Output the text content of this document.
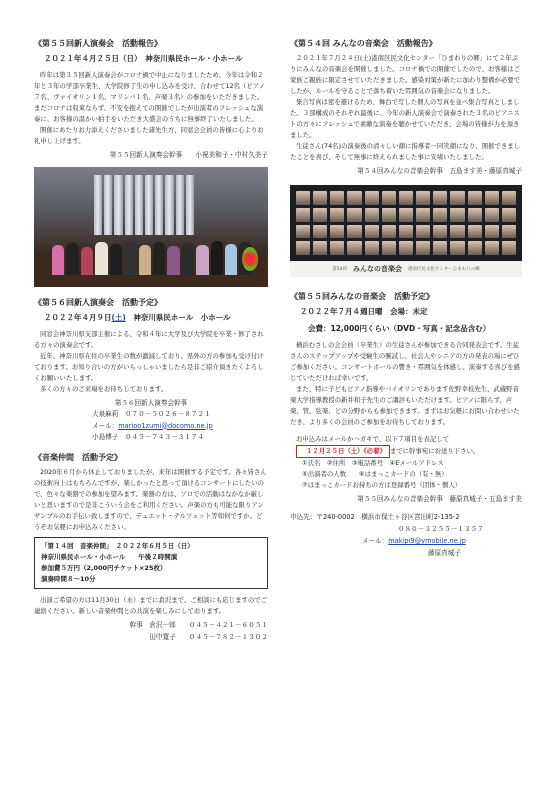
《第５５回新人演奏会　活動報告》
２０２１年４月２５日（日）　神奈川県民ホール・小ホール

昨年は第３５回新人演奏会がコロナ禍で中止になりましたため、今年は令和２年と３年の学部卒業生、大学院修了生の申し込みを受け、合わせて12名（ピアノ７名、ヴァイオリン１名、マリンバ１名、声楽３名）の参加をいただきました。まだコロナは収束ならず、不安を抱えての開催でしたが出演者のフレッシュな演奏に、お客様の温かい拍手をいただき大盛会のうちに無事終了いたしました。

開催にあたりお力添えくださいました諸先生方、同窓会会員の皆様に心よりお礼申し上げます。

第５５回新人演奏会幹事　　小祝美和子・中村久美子
《第５６回新人演奏会　活動予定》
２０２２年４月９日(土)　神奈川県民ホール　小ホール

同窓会神奈川県支部主催による、令和４年に大学及び大学院を卒業・修了される方々の演奏会です。

近年、神奈川県在住の卒業生の数が激減しており、県外の方の参加も受け付けております。お知り合いの方がいらっしゃいましたら是非ご紹介頂きたくよろしくお願いいたします。

多くの方々のご来場をお待ちしております。

第５６回新人演奏会幹事
大泉麻莉　 ０７０－５０２６－８７２１
メール：marioo1zumi@docomo.ne.jp
小島博子　 ０４５－７４３－３１７４
《音楽仲間　活動予定》

2020年６月から休止しておりましたが、来年は開催する予定です。各々皆さんの技術向上はもちろんですが、楽しかったと思って頂けるコンサートにしたいので、色々な楽器での参加を望みます。楽器の方は、ソロでの活動はなかなか厳しいと思いますので是非こういう会をご利用ください。声楽の方も可能な限りアンサンブルのお手伝い致しますので、デュエット・テルツェット等如何ですか。どうぞお気軽にお申込みください。

「第１４回　音楽仲間」　２０２２年６月５日（日）
神奈川県民ホール・小ホール　　午後２時開演
参加費５万円（2,000円チケット×25枚）
演奏時間８～10分

出演ご希望の方は11月30日（水）までに倉沢まで、ご相談にも応じますのでご連絡ください。新しい音楽仲間との共演を楽しみにしております。

幹事　倉沢一郎　　０４５－４２１－６０５１
田中寛子　　０４５－７８２－１３０２
《第５４回 みんなの音楽会　活動報告》

２０２１年７月２４日(土)港南区民文化センター「ひまわりの郷」にて２年ぶりにみんなの音楽会を開催しました。コロナ禍での開催でしたので、お客様はご家族ご親族に限定させていただきました。感染対策が新たに加わり整備が必要でしたが、ルールを守ることで落ち着いた雰囲気の音楽会になりました。

集合写真は密を避けるため、舞台で写した個人の写真を並べ集合写真としました。３部構成のそれぞれ最後に、今年の新人演奏会で演奏された３名のピアニストの方々にフレッシュで素敵な演奏を聴かせていただき、会場の皆様が力を頂きました。

生徒さん(74名)の演奏後の清々しい顔に指導者一同笑顔になり、開催できましたことを喜び、そして無事に終えられました事に安堵いたしました。

第５４回みんなの音楽会幹事　五島ます美・藤原真城子
第54回 みんなの音楽会 港南区民文化センターひまわりの郷
《第５５回みんなの音楽会　活動予定》
２０２２年７月４週日曜　会場：未定
会費：12,000円くらい（DVD・写真・記念品含む）

横浜むさしの会会員（卒業生）の生徒さんが参加できる合同発表会です。生徒さんのステップアップや受験生の腕試し、社会人やシニアの方の発表の場にぜひご参加ください。コンサートホールの響き・雰囲気を体感し、演奏する喜びを感じていただければ幸いです。

また、特に子どもピアノ指導やバイオリンであります佐野幸枝先生、武蔵野音楽大学指導教授の新井和子先生のご講評もいただけます。ピアノに限らず、声楽、管、弦楽、どの分野からも参加できます。まずはお気軽にお問い合わせいただき、より多くの会員のご参加をお待ちしております。

お申込みはメールかハガキで、以下７項目を表記して

１２月２５日（土）《必着》 までに幹事宛にお送り下さい。

①氏名　②住所　③電話番号　④Eメールアドレス
⑤出演者の人数　　⑥はまっこカードの（有・無）
⑦はまっこカードお持ちの方は登録番号（団体・個人）
第５５回みんなの音楽会幹事　藤原真城子・五島ます美
申込先：〒240-0002　横浜市保土ヶ谷区宮田町2-135-2
０８０－３２５５－１３５７
メール：makipi9@ymobile.ne.jp
藤原真城子
